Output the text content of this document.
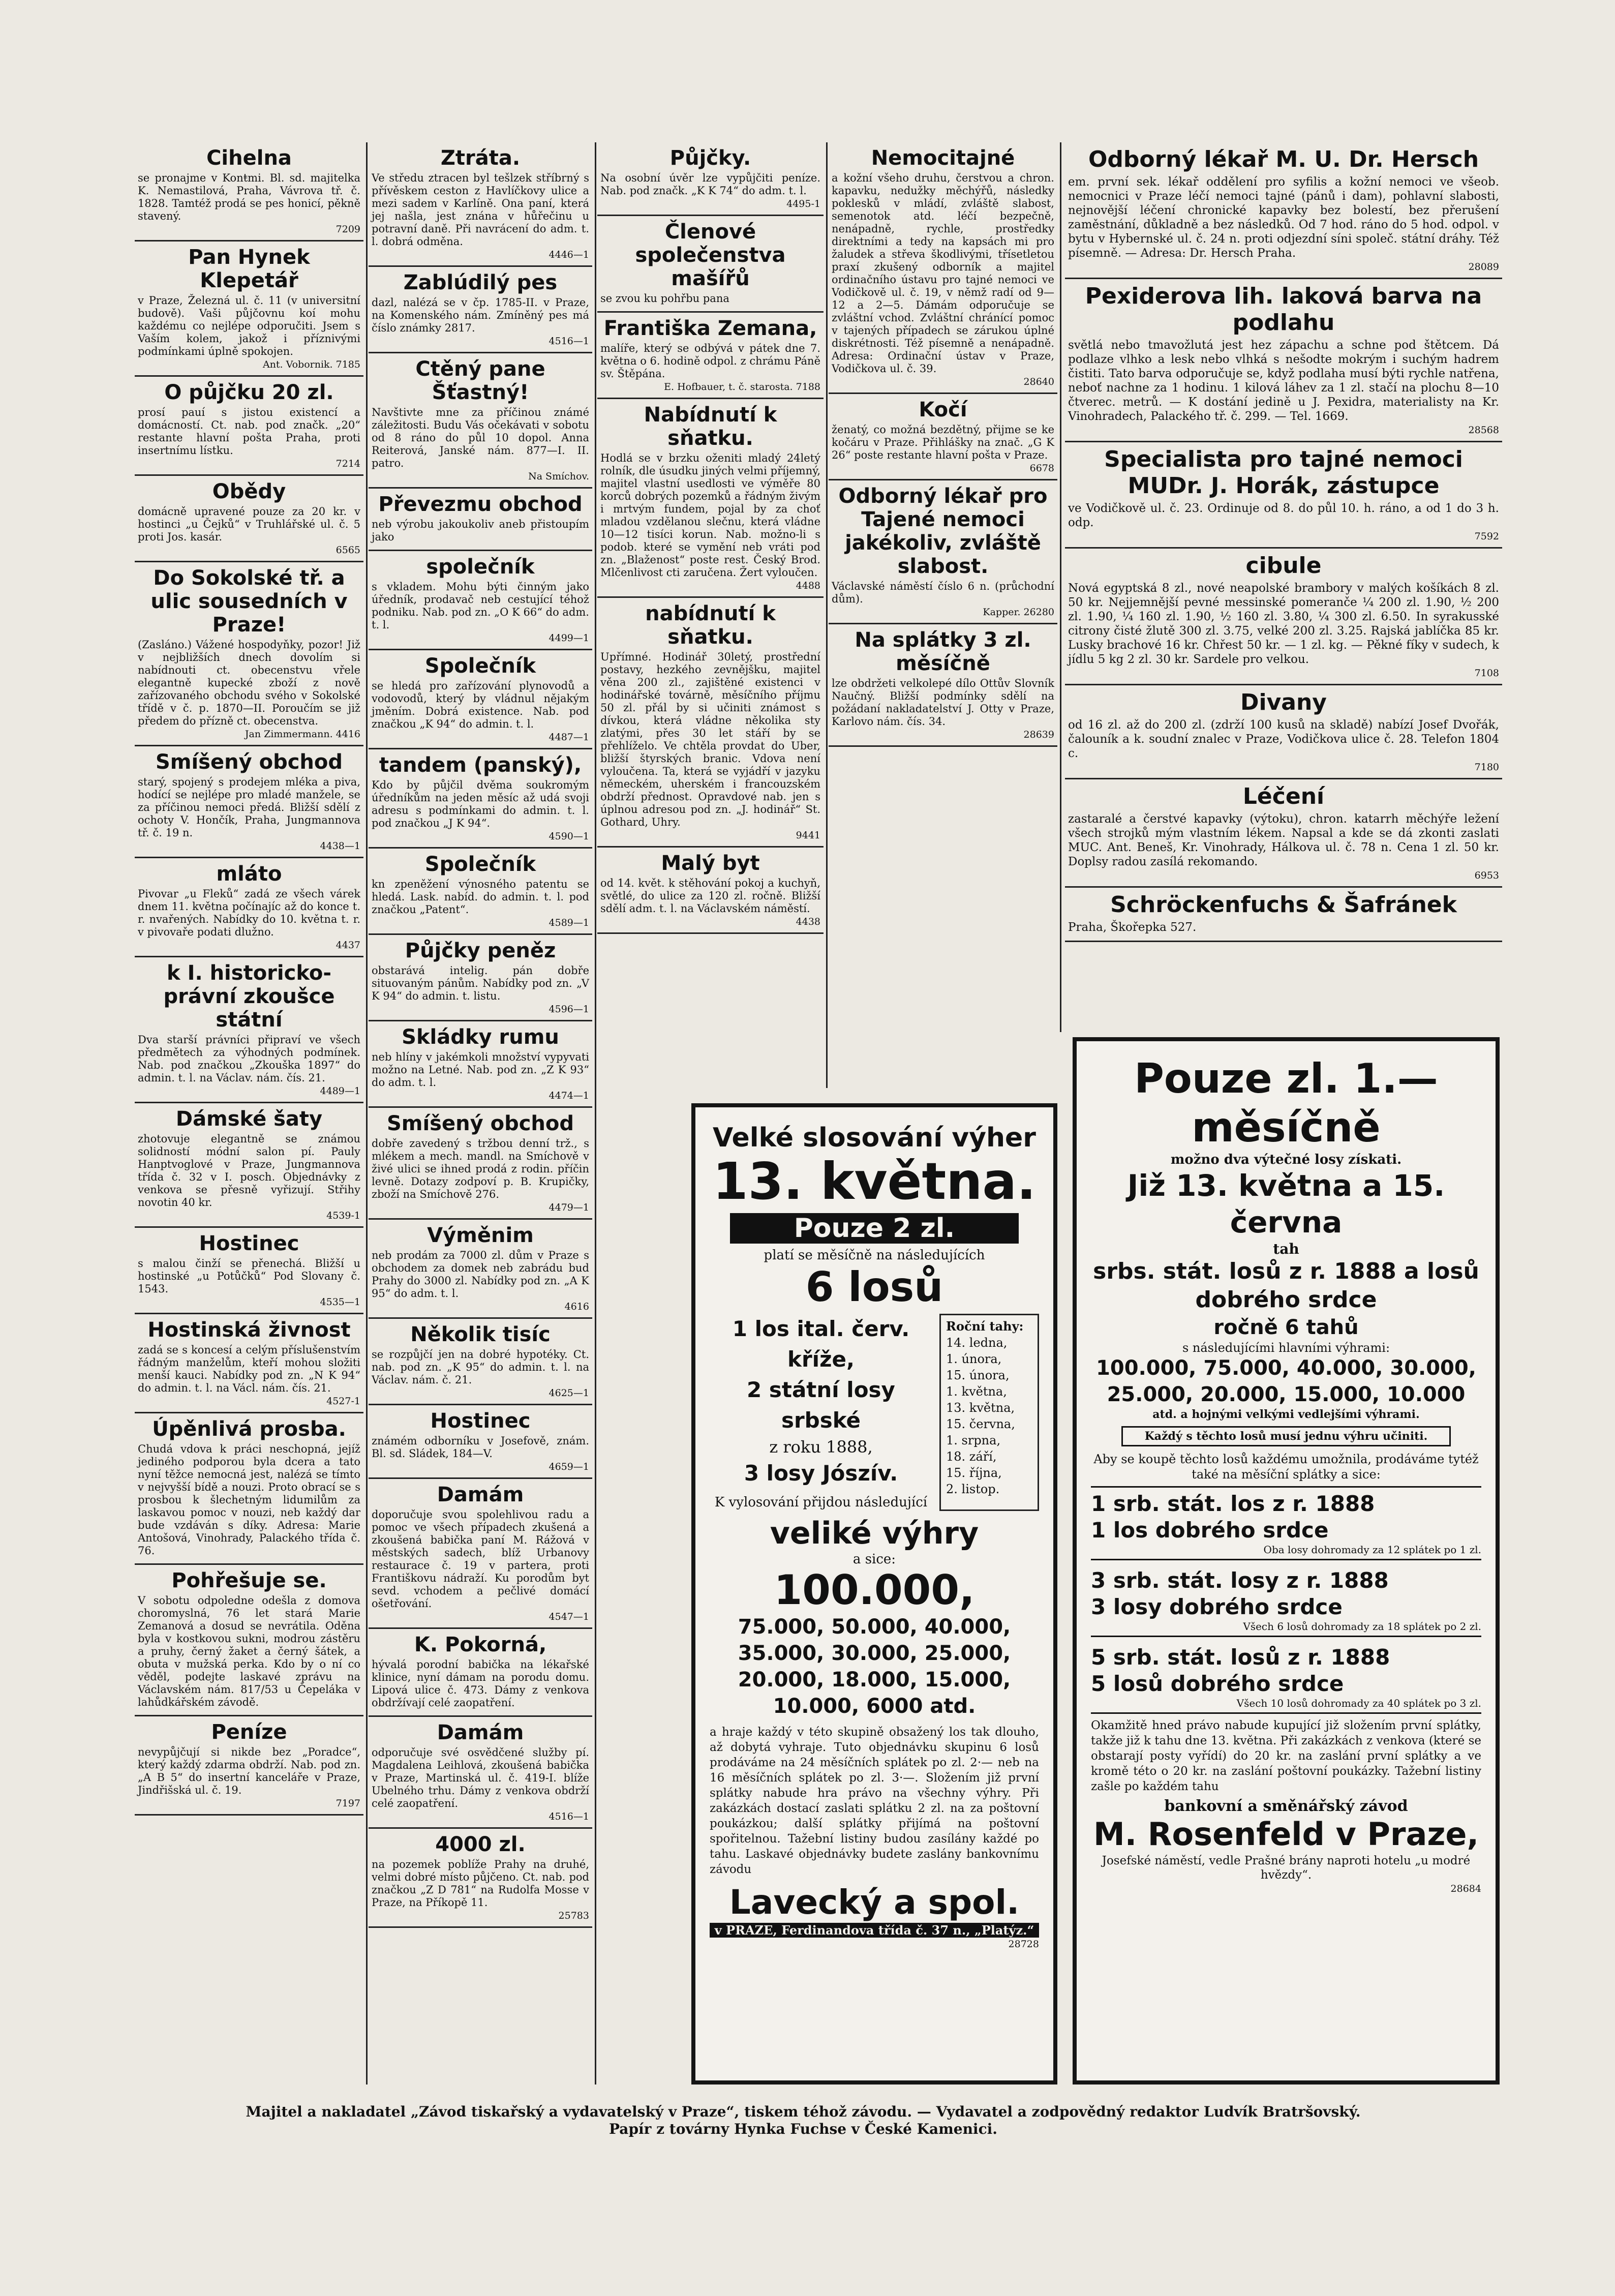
Cihelna
se pronajme v Konŧmi. Bl. sd. majitelka K. Nemastilová, Praha, Vávrova tř. č. 1828. Tamtéž prodá se pes honicí, pěkně stavený.
7209
Pan Hynek Klepetář
v Praze, Železná ul. č. 11 (v universitní budově). Vaši půjčovnu koí mohu každému co nejlépe odporučiti. Jsem s Vaším kolem, jakož i příznivými podmínkami úplně spokojen.
Ant. Vobornik. 7185
O půjčku 20 zl.
prosí pauí s jistou existencí a domácností. Ct. nab. pod značk. „20“ restante hlavní pošta Praha, proti insertnímu lístku.
7214
Obědy
domácně upravené pouze za 20 kr. v hostinci „u Čejků“ v Truhlářské ul. č. 5 proti Jos. kasár.
6565
Do Sokolské tř. a ulic sousedních v Praze!
(Zasláno.) Vážené hospodyňky, pozor! Již v nejbližších dnech dovolím si nabídnouti ct. obecenstvu vřele elegantně kupecké zboží z nově zařízovaného obchodu svého v Sokolské třídě v č. p. 1870—II. Poroučím se již předem do přízně ct. obecenstva.
Jan Zimmermann. 4416
Smíšený obchod
starý, spojený s prodejem mléka a piva, hodící se nejlépe pro mladé manžele, se za příčinou nemoci předá. Bližší sdělí z ochoty V. Hončík, Praha, Jungmannova tř. č. 19 n.
4438—1
mláto
Pivovar „u Fleků“ zadá ze všech várek dnem 11. května počínajíc až do konce t. r. nvařených. Nabídky do 10. května t. r. v pivovaře podati dlužno.
4437
k I. historicko-právní zkoušce státní
Dva starší právníci připraví ve všech předmětech za výhodných podmínek. Nab. pod značkou „Zkouška 1897“ do admin. t. l. na Václav. nám. čís. 21.
4489—1
Dámské šaty
zhotovuje elegantně se známou solidností módní salon pí. Pauly Hanptvoglové v Praze, Jungmannova třída č. 32 v I. posch. Objednávky z venkova se přesně vyřizují. Střihy novotin 40 kr.
4539-1
Hostinec
s malou činží se přenechá. Bližší u hostinské „u Potůčků“ Pod Slovany č. 1543.
4535—1
Hostinská živnost
zadá se s koncesí a celým příslušenstvím řádným manželům, kteří mohou složiti menší kauci. Nabídky pod zn. „N K 94“ do admin. t. l. na Václ. nám. čís. 21.
4527-1
Úpěnlivá prosba.
Chudá vdova k práci neschopná, jejíž jediného podporou byla dcera a tato nyní těžce nemocná jest, nalézá se tímto v nejvyšší bídě a nouzi. Proto obrací se s prosbou k šlechetným lidumilům za laskavou pomoc v nouzi, neb každý dar bude vzdáván s díky. Adresa: Marie Antošová, Vinohrady, Palackého třída č. 76.
Pohřešuje se.
V sobotu odpoledne odešla z domova choromyslná, 76 let stará Marie Zemanová a dosud se nevrátila. Oděna byla v kostkovou sukni, modrou zástěru a pruhy, černý žaket a černý šátek, a obuta v mužská perka. Kdo by o ní co věděl, podejte laskavé zprávu na Václavském nám. 817/53 u Čepeláka v lahůdkářském závodě.
Peníze
nevypůjčují si nikde bez „Poradce“, který každý zdarma obdrží. Nab. pod zn. „A B 5“ do insertní kanceláře v Praze, Jindřišská ul. č. 19.
7197
Ztráta.
Ve středu ztracen byl tešlzek stříbrný s přívěskem ceston z Havlíčkovy ulice a mezi sadem v Karlíně. Ona paní, která jej našla, jest znána v hůřečinu u potravní daně. Při navrácení do adm. t. l. dobrá odměna.
4446—1
Zablúdilý pes
dazl, nalézá se v čp. 1785-II. v Praze, na Komenského nám. Zmíněný pes má číslo známky 2817.
4516—1
Ctěný pane Šťastný!
Navštivte mne za příčinou známé záležitosti. Budu Vás očekávati v sobotu od 8 ráno do půl 10 dopol. Anna Reiterová, Janské nám. 877—I. II. patro.
Na Smíchov.
Převezmu obchod
neb výrobu jakoukoliv aneb přistoupím jako
společník
s vkladem. Mohu býti činným jako úředník, prodavač neb cestující téhož podniku. Nab. pod zn. „O K 66“ do adm. t. l.
4499—1
Společník
se hledá pro zařízování plynovodů a vodovodů, který by vládnul nějakým jměním. Dobrá existence. Nab. pod značkou „K 94“ do admin. t. l.
4487—1
tandem (panský),
Kdo by půjčil dvěma soukromým úředníkům na jeden měsíc až udá svoji adresu s podmínkami do admin. t. l. pod značkou „J K 94“.
4590—1
Společník
kn zpeněžení výnosného patentu se hledá. Lask. nabíd. do admin. t. l. pod značkou „Patent“.
4589—1
Půjčky peněz
obstarává intelig. pán dobře situovaným pánům. Nabídky pod zn. „V K 94“ do admin. t. listu.
4596—1
Skládky rumu
neb hlíny v jakémkoli množství vypyvati možno na Letné. Nab. pod zn. „Z K 93“ do adm. t. l.
4474—1
Smíšený obchod
dobře zavedený s tržbou denní trž., s mlékem a mech. mandl. na Smíchově v živé ulici se ihned prodá z rodin. příčin levně. Dotazy zodpoví p. B. Krupičky, zboží na Smíchově 276.
4479—1
Výměnim
neb prodám za 7000 zl. dům v Praze s obchodem za domek neb zabrádu bud Prahy do 3000 zl. Nabídky pod zn. „A K 95“ do adm. t. l.
4616
Několik tisíc
se rozpůjčí jen na dobré hypotéky. Ct. nab. pod zn. „K 95“ do admin. t. l. na Václav. nám. č. 21.
4625—1
Hostinec
známém odborníku v Josefově, znám. Bl. sd. Sládek, 184—V.
4659—1
Damám
doporučuje svou spolehlivou radu a pomoc ve všech případech zkušená a zkoušená babička paní M. Rážová v městských sadech, blíž Urbanovy restaurace č. 19 v partera, proti Františkovu nádraží. Ku porodům byt sevd. vchodem a pečlivé domácí ošetřování.
4547—1
K. Pokorná,
hývalá porodní babička na lékařské klinice, nyní dámam na porodu domu. Lipová ulice č. 473. Dámy z venkova obdržívají celé zaopatření.
Damám
odporučuje své osvědčené služby pí. Magdalena Leihlová, zkoušená babička v Praze, Martinská ul. č. 419-I. blíže Ubelného trhu. Dámy z venkova obdrží celé zaopatření.
4516—1
4000 zl.
na pozemek poblíže Prahy na druhé, velmi dobré místo půjčeno. Ct. nab. pod značkou „Z D 781“ na Rudolfa Mosse v Praze, na Příkopě 11.
25783
Půjčky.
Na osobní úvěr lze vypůjčiti peníze. Nab. pod značk. „K K 74“ do adm. t. l.
4495-1
Členové společenstva mašířů
se zvou ku pohřbu pana
Františka Zemana,
malíře, který se odbývá v pátek dne 7. května o 6. hodině odpol. z chrámu Páně sv. Štěpána.
E. Hofbauer, t. č. starosta. 7188
Nabídnutí k sňatku.
Hodlá se v brzku oženiti mladý 24letý rolník, dle úsudku jiných velmi příjemný, majitel vlastní usedlosti ve výměře 80 korců dobrých pozemků a řádným živým i mrtvým fundem, pojal by za choť mladou vzdělanou slečnu, která vládne 10—12 tisíci korun. Nab. možno-li s podob. které se vymění neb vráti pod zn. „Blaženost“ poste rest. Český Brod. Mlčenlivost cti zaručena. Žert vyloučen.
4488
nabídnutí k sňatku.
Upřímné. Hodinář 30letý, prostřední postavy, hezkého zevnějšku, majitel věna 200 zl., zajištěné existenci v hodinářské továrně, měsíčního příjmu 50 zl. přál by si učiniti známost s dívkou, která vládne několika sty zlatými, přes 30 let stáří by se přehlíželo. Ve chtěla provdat do Uber, bližší štyrských branic. Vdova není vyloučena. Ta, která se vyjádří v jazyku německém, uherském i francouzském obdrží přednost. Opravdové nab. jen s úplnou adresou pod zn. „J. hodinář“ St. Gothard, Uhry.
9441
Malý byt
od 14. květ. k stěhování pokoj a kuchyň, světlé, do ulice za 120 zl. ročně. Bližší sdělí adm. t. l. na Václavském náměstí.
4438
Nemocitajné
a kožní všeho druhu, čerstvou a chron. kapavku, nedužky měchýřů, následky poklesků v mládí, zvláště slabost, semenotok atd. léčí bezpečně, nenápadně, rychle, prostředky direktními a tedy na kapsách mi pro žaludek a střeva škodlivými, třísetletou praxí zkušený odborník a majitel ordinačního ústavu pro tajné nemoci ve Vodičkově ul. č. 19, v němž radí od 9—12 a 2—5. Dámám odporučuje se zvláštní vchod. Zvláštní chránící pomoc v tajených případech se zárukou úplné diskrétnosti. Též písemně a nenápadně. Adresa: Ordinační ústav v Praze, Vodičkova ul. č. 39.
28640
Kočí
ženatý, co možná bezdětný, přijme se ke kočáru v Praze. Přihlášky na znač. „G K 26“ poste restante hlavní pošta v Praze.
6678
Odborný lékař pro Tajené nemoci jakékoliv, zvláště slabost.
Václavské náměstí číslo 6 n. (průchodní dům).
Kapper. 26280
Na splátky 3 zl. měsíčně
lze obdržeti velkolepé dílo Ottův Slovník Naučný. Bližší podmínky sdělí na požádaní nakladatelství J. Otty v Praze, Karlovo nám. čís. 34.
28639
Odborný lékař M. U. Dr. Hersch
em. první sek. lékař oddělení pro syfilis a kožní nemoci ve všeob. nemocnici v Praze léčí nemoci tajné (pánů i dam), pohlavní slabosti, nejnovější léčení chronické kapavky bez bolestí, bez přerušení zaměstnání, důkladně a bez následků. Od 7 hod. ráno do 5 hod. odpol. v bytu v Hybernské ul. č. 24 n. proti odjezdní síni společ. státní dráhy. Též písemně. — Adresa: Dr. Hersch Praha.
28089
Pexiderova lih. laková barva na podlahu
světlá nebo tmavožlutá jest hez zápachu a schne pod štětcem. Dá podlaze vlhko a lesk nebo vlhká s nešodte mokrým i suchým hadrem čistiti. Tato barva odporučuje se, když podlaha musí býti rychle natřena, neboť nachne za 1 hodinu. 1 kilová láhev za 1 zl. stačí na plochu 8—10 čtverec. metrů. — K dostání jedině u J. Pexidra, materialisty na Kr. Vinohradech, Palackého tř. č. 299. — Tel. 1669.
28568
Specialista pro tajné nemoci MUDr. J. Horák, zástupce
ve Vodičkově ul. č. 23. Ordinuje od 8. do půl 10. h. ráno, a od 1 do 3 h. odp.
7592
cibule
Nová egyptská 8 zl., nové neapolské brambory v malých košíkách 8 zl. 50 kr. Nejjemnější pevné messinské pomeranče ¼ 200 zl. 1.90, ½ 200 zl. 1.90, ¼ 160 zl. 1.90, ½ 160 zl. 3.80, ¼ 300 zl. 6.50. In syrakusské citrony čisté žlutě 300 zl. 3.75, velké 200 zl. 3.25. Rajská jablíčka 85 kr. Lusky brachové 16 kr. Chřest 50 kr. — 1 zl. kg. — Pěkné fíky v sudech, k jídlu 5 kg 2 zl. 30 kr. Sardele pro velkou.
7108
Divany
od 16 zl. až do 200 zl. (zdrží 100 kusů na skladě) nabízí Josef Dvořák, čalouník a k. soudní znalec v Praze, Vodičkova ulice č. 28. Telefon 1804 c.
7180
Léčení
zastaralé a čerstvé kapavky (výtoku), chron. katarrh měchýře ležení všech strojků mým vlastním lékem. Napsal a kde se dá zkonti zaslati MUC. Ant. Beneš, Kr. Vinohrady, Hálkova ul. č. 78 n. Cena 1 zl. 50 kr. Doplsy radou zasílá rekomando.
6953
Schröckenfuchs & Šafránek
Praha, Škořepka 527.
Velké slosování výher
13. května.
Pouze 2 zl.
platí se měsíčně na následujících
6 losů
1 los ital. červ. kříže,
2 státní losy srbské
z roku 1888,
3 losy Jószív.
K vylosování přijdou následující
Roční tahy:
14. ledna,
1. února,
15. února,
1. května,
13. května,
15. června,
1. srpna,
18. září,
15. října,
2. listop.
veliké výhry
a sice:
100.000,
75.000, 50.000, 40.000, 35.000, 30.000, 25.000, 20.000, 18.000, 15.000, 10.000, 6000 atd.
a hraje každý v této skupině obsažený los tak dlouho, až dobytá vyhraje. Tuto objednávku skupinu 6 losů prodáváme na 24 měsíčních splátek po zl. 2·— neb na 16 měsíčních splátek po zl. 3·—. Složením již první splátky nabude hra právo na všechny výhry. Při zakázkách dostací zaslati splátku 2 zl. na za poštovní poukázkou; další splátky přijímá na poštovní spořitelnou. Tažební listiny budou zasílány každé po tahu. Laskavé objednávky budete zaslány bankovnímu závodu
Lavecký a spol.
v PRAZE, Ferdinandova třída č. 37 n., „Platýz.“
28728
Pouze zl. 1.— měsíčně
možno dva výtečné losy získati.
Již 13. května a 15. června
tah
srbs. stát. losů z r. 1888 a losů dobrého srdce
ročně 6 tahů
s následujícími hlavními výhrami:
100.000, 75.000, 40.000, 30.000,
25.000, 20.000, 15.000, 10.000
atd. a hojnými velkými vedlejšími výhrami.
Každý s těchto losů musí jednu výhru učiniti.
Aby se koupě těchto losů každému umožnila, prodáváme tytéž také na měsíční splátky a sice:
1 srb. stát. los z r. 1888
1 los dobrého srdce
Oba losy dohromady za 12 splátek po 1 zl.
3 srb. stát. losy z r. 1888
3 losy dobrého srdce
Všech 6 losů dohromady za 18 splátek po 2 zl.
5 srb. stát. losů z r. 1888
5 losů dobrého srdce
Všech 10 losů dohromady za 40 splátek po 3 zl.
Okamžitě hned právo nabude kupující již složením první splátky, takže již k tahu dne 13. května. Při zakázkách z venkova (které se obstarají posty vyřídí) do 20 kr. na zaslání první splátky a ve kromě této o 20 kr. na zaslání poštovní poukázky. Tažební listiny zašle po každém tahu
bankovní a směnářský závod
M. Rosenfeld v Praze,
Josefské náměstí, vedle Prašné brány naproti hotelu „u modré hvězdy“.
28684
Majitel a nakladatel „Závod tiskařský a vydavatelský v Praze“, tiskem téhož závodu. — Vydavatel a zodpovědný redaktor Ludvík Bratršovský.
Papír z továrny Hynka Fuchse v České Kamenici.
